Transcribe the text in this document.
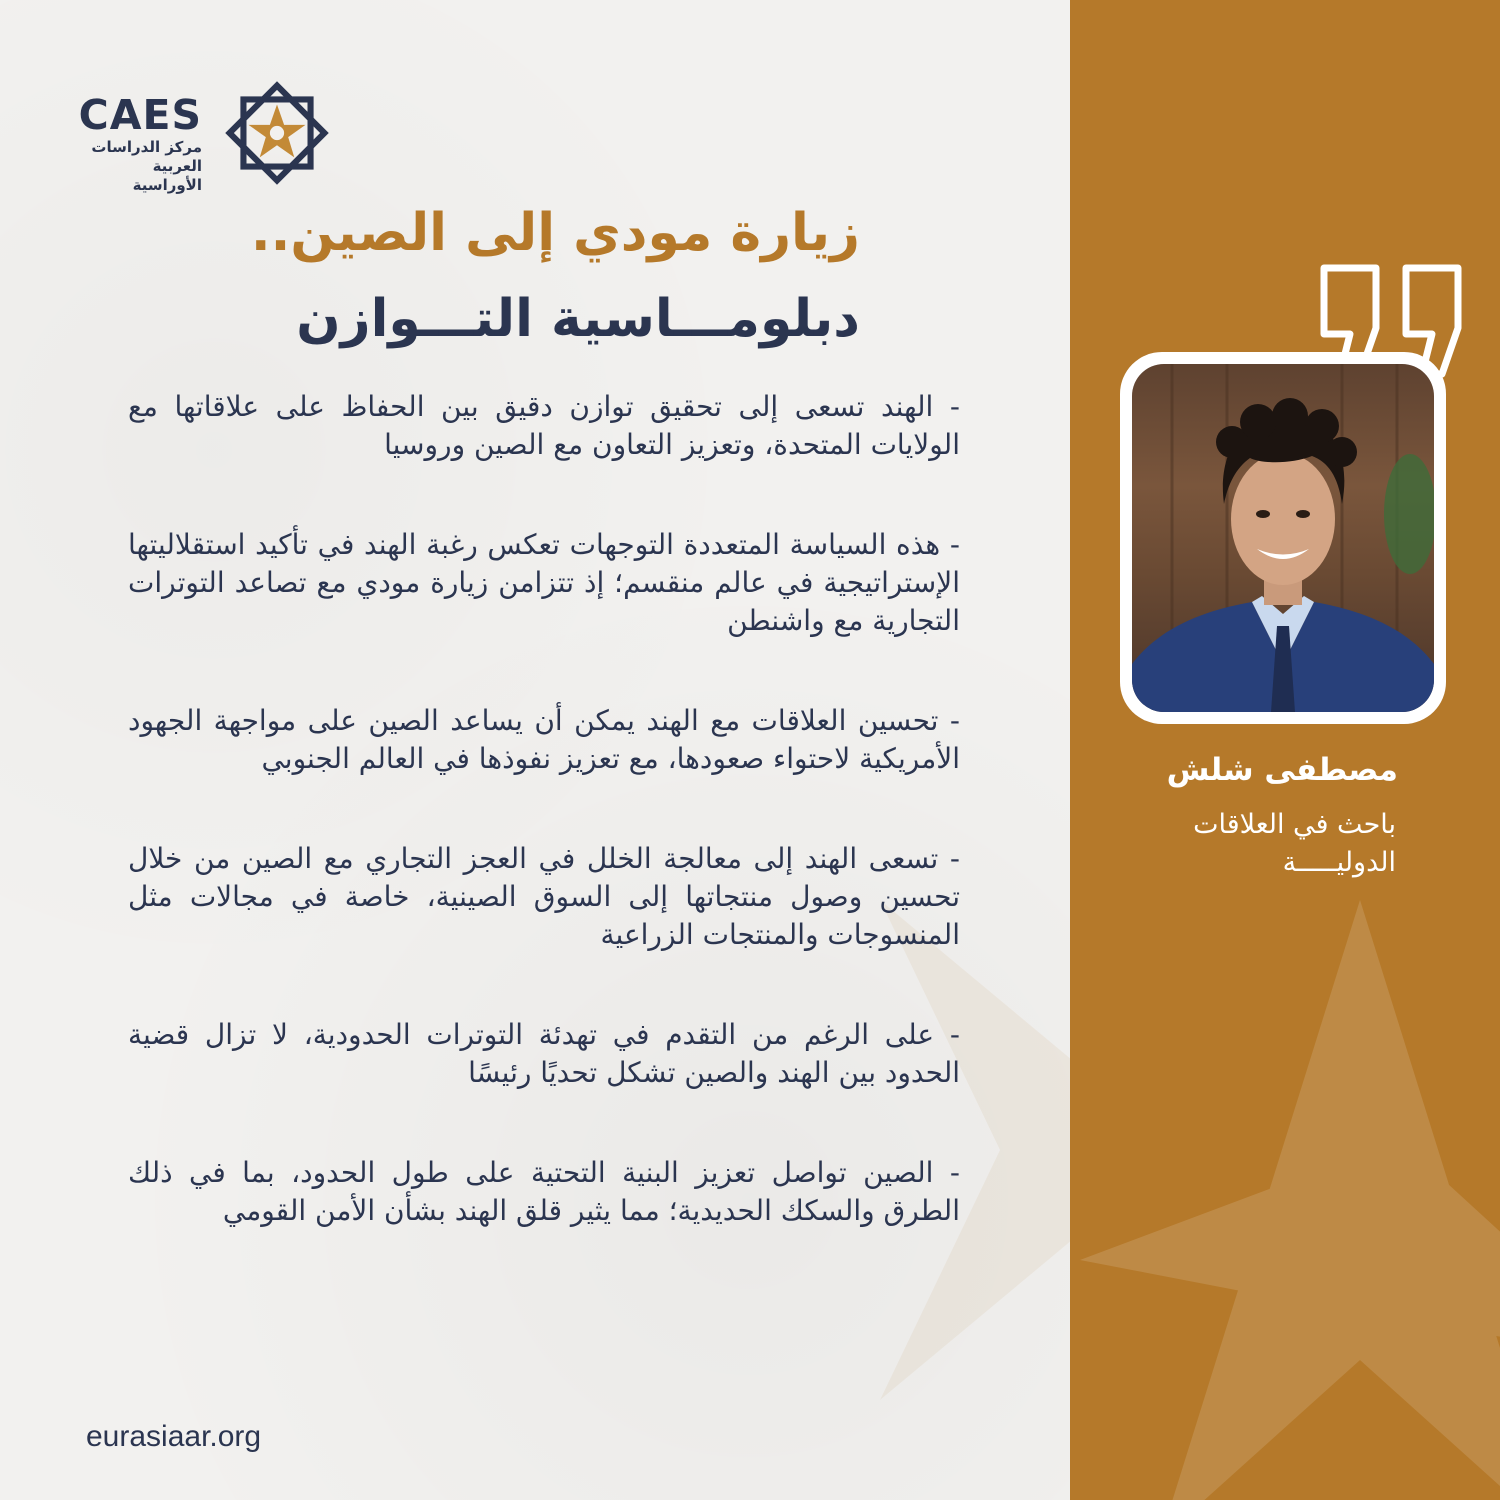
CAES
مركز الدراسات
العربية الأوراسية
زيارة مودي إلى الصين..
دبلومـــاسية التـــوازن

- الهند تسعى إلى تحقيق توازن دقيق بين الحفاظ على علاقاتها مع الولايات المتحدة، وتعزيز التعاون مع الصين وروسيا

- هذه السياسة المتعددة التوجهات تعكس رغبة الهند في تأكيد استقلاليتها الإستراتيجية في عالم منقسم؛ إذ تتزامن زيارة مودي مع تصاعد التوترات التجارية مع واشنطن

- تحسين العلاقات مع الهند يمكن أن يساعد الصين على مواجهة الجهود الأمريكية لاحتواء صعودها، مع تعزيز نفوذها في العالم الجنوبي

- تسعى الهند إلى معالجة الخلل في العجز التجاري مع الصين من خلال تحسين وصول منتجاتها إلى السوق الصينية، خاصة في مجالات مثل المنسوجات والمنتجات الزراعية

- على الرغم من التقدم في تهدئة التوترات الحدودية، لا تزال قضية الحدود بين الهند والصين تشكل تحديًا رئيسًا

- الصين تواصل تعزيز البنية التحتية على طول الحدود، بما في ذلك الطرق والسكك الحديدية؛ مما يثير قلق الهند بشأن الأمن القومي

eurasiaar.org
مصطفى شلش
باحث في العلاقات
الدوليـــــة
